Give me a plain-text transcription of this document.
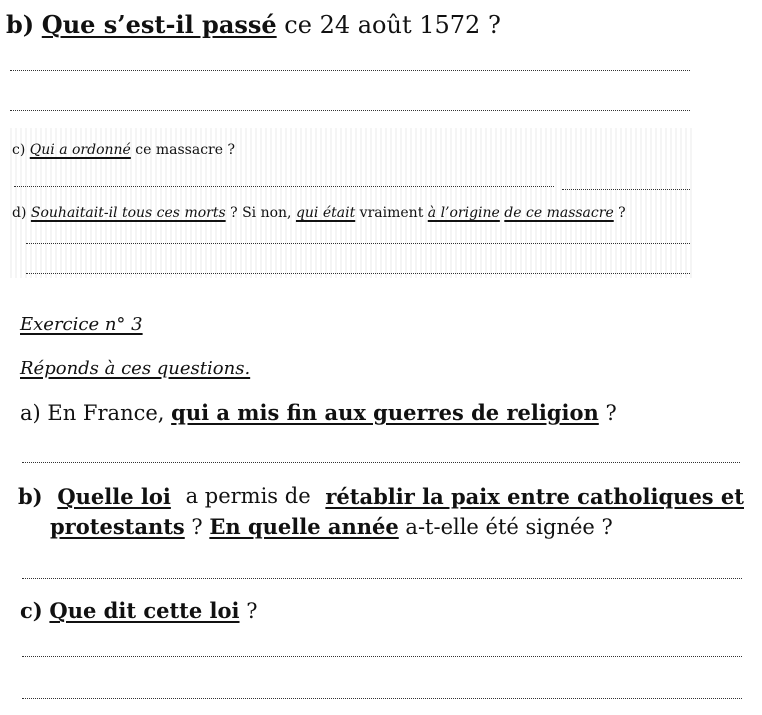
b) Que s’est-il passé ce 24 août 1572 ?
c) Qui a ordonné ce massacre ?
d) Souhaitait-il tous ces morts ? Si non, qui était vraiment à l’origine de ce massacre ?
Exercice n° 3
Réponds à ces questions.
a) En France, qui a mis fin aux guerres de religion ?
b) Quelle loi a permis de rétablir la paix entre catholiques et
protestants ? En quelle année a-t-elle été signée ?
c) Que dit cette loi ?
